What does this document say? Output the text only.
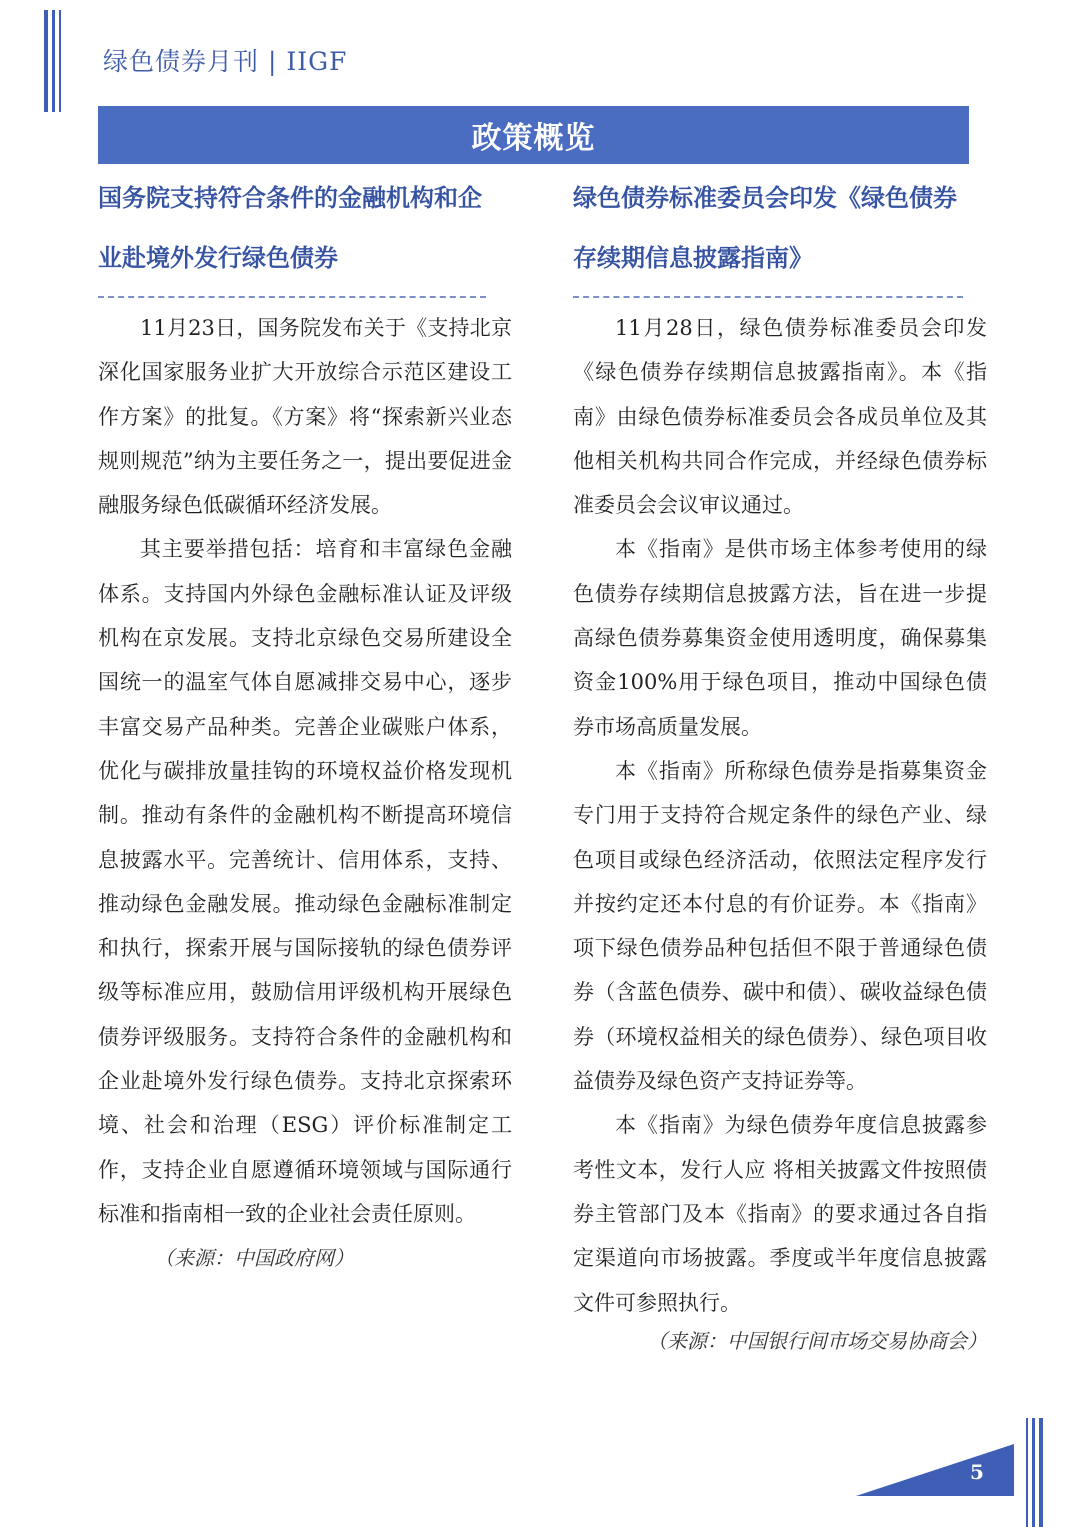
绿色债券月刊 | IIGF
政策概览
国务院支持符合条件的金融机构和企业赴境外发行绿色债券

11月23日，国务院发布关于《支持北京深化国家服务业扩大开放综合示范区建设工作方案》的批复。《方案》将“探索新兴业态规则规范”纳为主要任务之一，提出要促进金融服务绿色低碳循环经济发展。

其主要举措包括：培育和丰富绿色金融体系。支持国内外绿色金融标准认证及评级机构在京发展。支持北京绿色交易所建设全国统一的温室气体自愿减排交易中心，逐步丰富交易产品种类。完善企业碳账户体系，优化与碳排放量挂钩的环境权益价格发现机制。推动有条件的金融机构不断提高环境信息披露水平。完善统计、信用体系，支持、推动绿色金融发展。推动绿色金融标准制定和执行，探索开展与国际接轨的绿色债券评级等标准应用，鼓励信用评级机构开展绿色债券评级服务。支持符合条件的金融机构和企业赴境外发行绿色债券。支持北京探索环境、社会和治理（ESG）评价标准制定工作，支持企业自愿遵循环境领域与国际通行标准和指南相一致的企业社会责任原则。

（来源：中国政府网）

绿色债券标准委员会印发《绿色债券存续期信息披露指南》

11月28日，绿色债券标准委员会印发《绿色债券存续期信息披露指南》。本《指南》由绿色债券标准委员会各成员单位及其他相关机构共同合作完成，并经绿色债券标准委员会会议审议通过。

本《指南》是供市场主体参考使用的绿色债券存续期信息披露方法，旨在进一步提高绿色债券募集资金使用透明度，确保募集资金100%用于绿色项目，推动中国绿色债券市场高质量发展。

本《指南》所称绿色债券是指募集资金专门用于支持符合规定条件的绿色产业、绿色项目或绿色经济活动，依照法定程序发行并按约定还本付息的有价证券。本《指南》项下绿色债券品种包括但不限于普通绿色债券（含蓝色债券、碳中和债）、碳收益绿色债券（环境权益相关的绿色债券）、绿色项目收益债券及绿色资产支持证券等。

本《指南》为绿色债券年度信息披露参考性文本，发行人应 将相关披露文件按照债券主管部门及本《指南》的要求通过各自指定渠道向市场披露。季度或半年度信息披露文件可参照执行。

（来源：中国银行间市场交易协商会）

5
